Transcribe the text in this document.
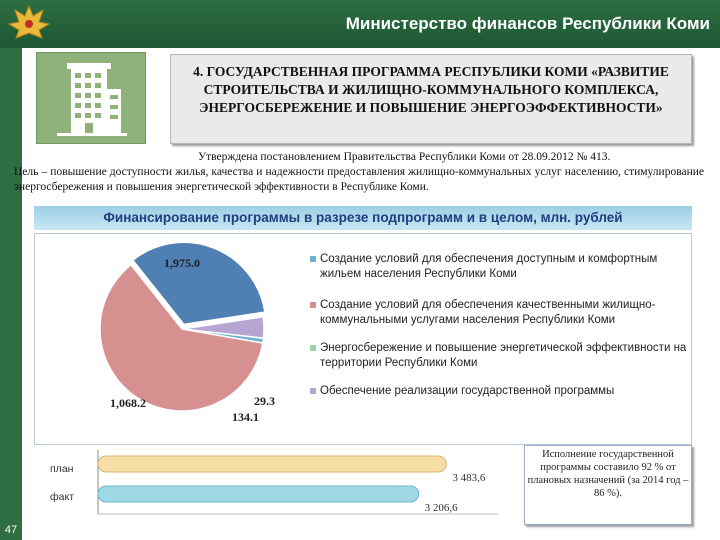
Министерство финансов Республики Коми
47
4. ГОСУДАРСТВЕННАЯ ПРОГРАММА РЕСПУБЛИКИ КОМИ «РАЗВИТИЕ СТРОИТЕЛЬСТВА И ЖИЛИЩНО-КОММУНАЛЬНОГО КОМПЛЕКСА, ЭНЕРГОСБЕРЕЖЕНИЕ И ПОВЫШЕНИЕ ЭНЕРГОЭФФЕКТИВНОСТИ»
Утверждена постановлением Правительства Республики Коми от 28.09.2012 № 413.
Цель – повышение доступности жилья, качества и надежности предоставления жилищно-коммунальных услуг населению, стимулирование энергосбережения и повышения энергетической эффективности в Республике Коми.
Финансирование программы в разрезе подпрограмм и в целом, млн. рублей
1,975.0
1,068.2
134.1
29.3
Создание условий для обеспечения доступным и комфортным жильем населения Республики Коми
Создание условий для обеспечения качественными жилищно-коммунальными услугами населения Республики Коми
Энергосбережение и повышение энергетической эффективности на территории Республики Коми
Обеспечение реализации государственной программы
план
факт
3 483,6
3 206,6
Исполнение государственной программы составило 92 % от плановых назначений (за 2014 год – 86 %).
